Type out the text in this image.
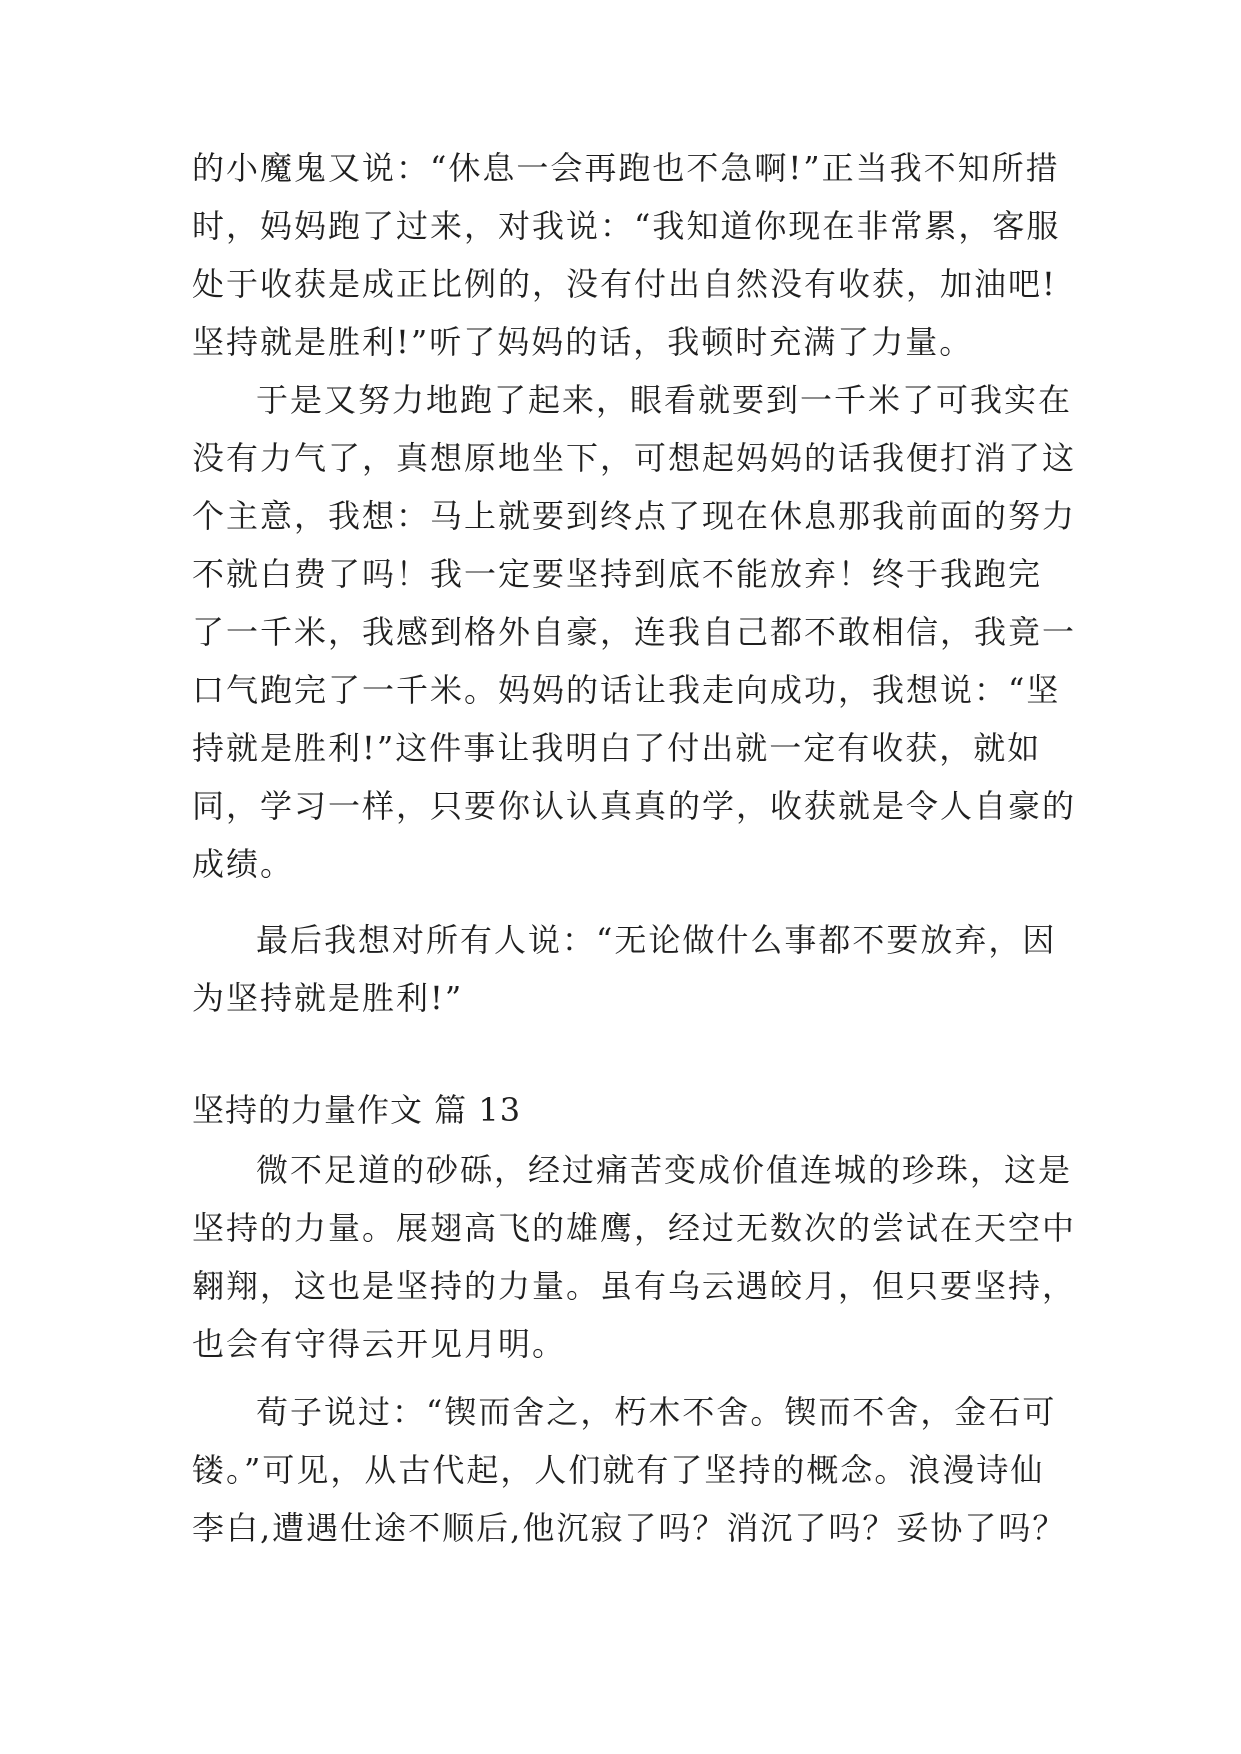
的小魔鬼又说：“休息一会再跑也不急啊!”正当我不知所措
时，妈妈跑了过来，对我说：“我知道你现在非常累，客服
处于收获是成正比例的，没有付出自然没有收获，加油吧!
坚持就是胜利!”听了妈妈的话，我顿时充满了力量。
于是又努力地跑了起来，眼看就要到一千米了可我实在
没有力气了，真想原地坐下，可想起妈妈的话我便打消了这
个主意，我想：马上就要到终点了现在休息那我前面的努力
不就白费了吗！我一定要坚持到底不能放弃！终于我跑完
了一千米，我感到格外自豪，连我自己都不敢相信，我竟一
口气跑完了一千米。妈妈的话让我走向成功，我想说：“坚
持就是胜利!”这件事让我明白了付出就一定有收获，就如
同，学习一样，只要你认认真真的学，收获就是令人自豪的
成绩。
最后我想对所有人说：“无论做什么事都不要放弃，因
为坚持就是胜利!”
坚持的力量作文 篇 13
微不足道的砂砾，经过痛苦变成价值连城的珍珠，这是
坚持的力量。展翅高飞的雄鹰，经过无数次的尝试在天空中
翱翔，这也是坚持的力量。虽有乌云遇皎月，但只要坚持，
也会有守得云开见月明。
荀子说过：“锲而舍之，朽木不舍。锲而不舍，金石可
镂。”可见，从古代起，人们就有了坚持的概念。浪漫诗仙
李白,遭遇仕途不顺后,他沉寂了吗？消沉了吗？妥协了吗？
